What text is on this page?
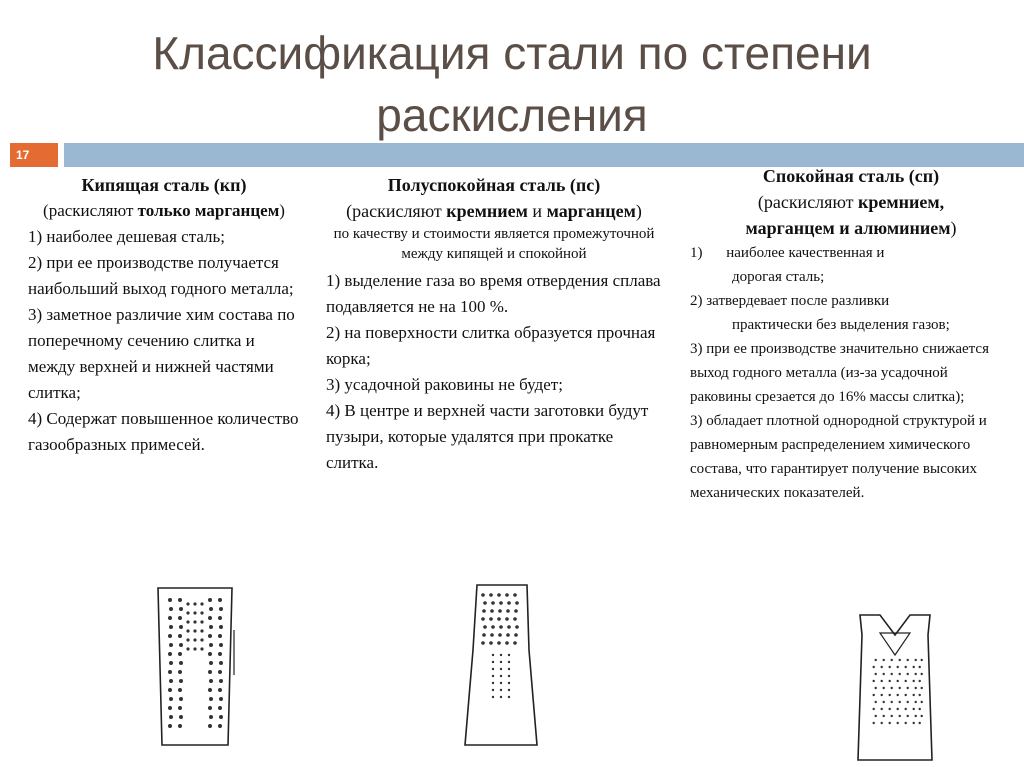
Классификация стали по степени
раскисления
17
Кипящая сталь (кп)
(раскисляют только марганцем)

1) наиболее дешевая сталь;

2) при ее производстве получается наибольший выход годного металла;

3) заметное различие хим состава по поперечному сечению слитка и между верхней и нижней частями слитка;

4) Содержат повышенное количество газообразных примесей.

Полуспокойная сталь (пс)
(раскисляют кремнием и марганцем)
по качеству и стоимости является промежуточной между кипящей и спокойной

1) выделение газа во время отвердения сплава подавляется не на 100 %.

2) на поверхности слитка образуется прочная корка;

3) усадочной раковины не будет;

4) В центре и верхней части заготовки будут пузыри, которые удалятся при прокатке слитка.

Спокойная сталь (сп)
(раскисляют кремнием,
марганцем и алюминием)
1) наиболее качественная и
дорогая сталь;
2) затвердевает после разливки
практически без выделения газов;
3) при ее производстве значительно снижается выход годного металла (из-за усадочной раковины срезается до 16% массы слитка);
3) обладает плотной однородной структурой и равномерным распределением химического состава, что гарантирует получение высоких механических показателей.
